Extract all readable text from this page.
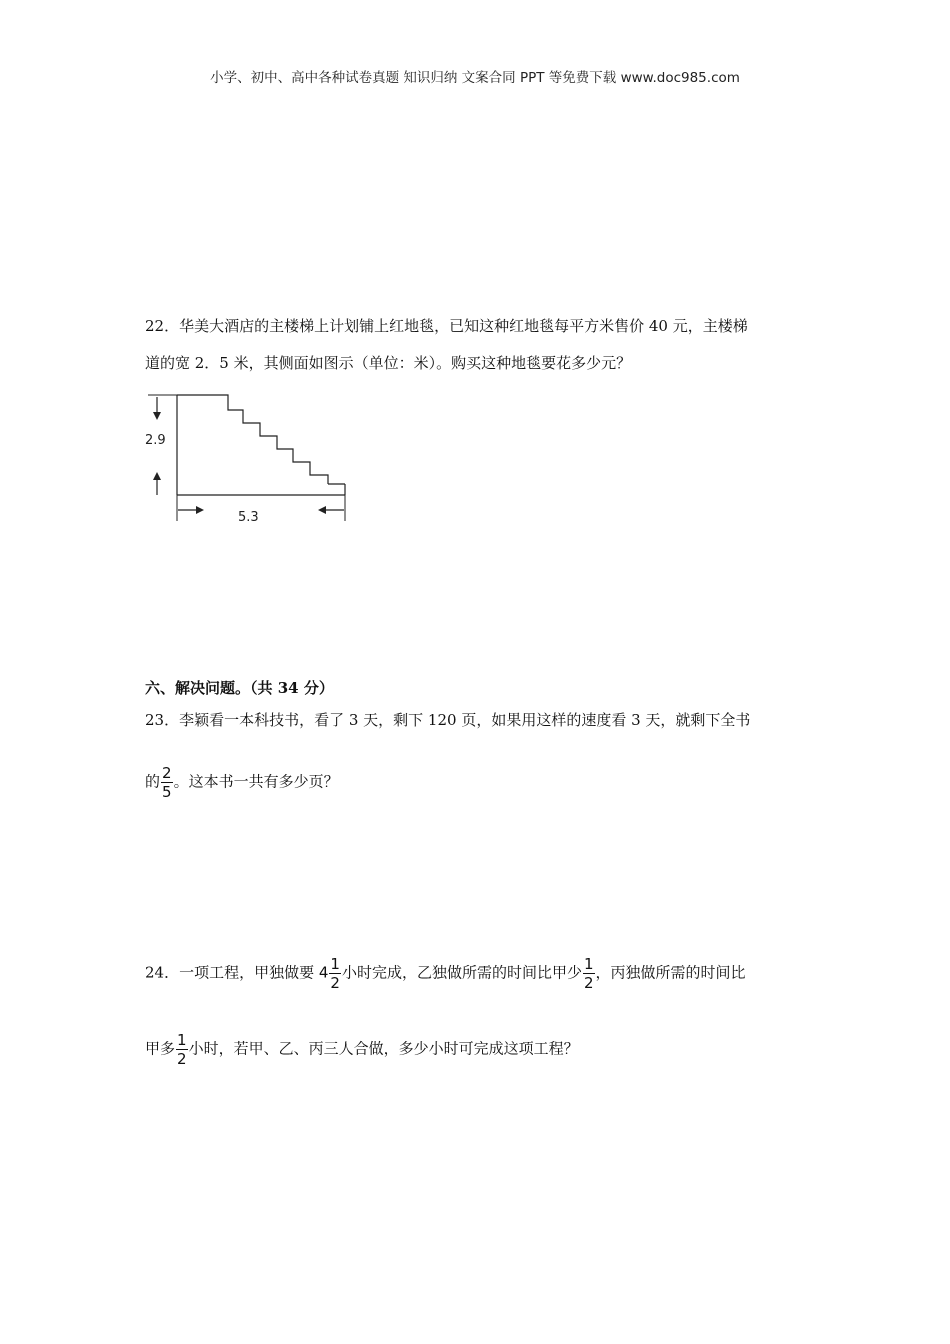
小学、初中、高中各种试卷真题 知识归纳 文案合同 PPT 等免费下载 www.doc985.com
22．华美大酒店的主楼梯上计划铺上红地毯，已知这种红地毯每平方米售价 40 元，主楼梯
道的宽 2．5 米，其侧面如图示（单位：米）。购买这种地毯要花多少元？
2.9
5.3
六、解决问题。（共 34 分）
23．李颖看一本科技书，看了 3 天，剩下 120 页，如果用这样的速度看 3 天，就剩下全书
的 $\frac{2}{5}$ 。这本书一共有多少页？
24．一项工程，甲独做要 $4 \frac{1}{2}$ 小时完成，乙独做所需的时间比甲少 $\frac{1}{2}$ ，丙独做所需的时间比
甲多 $\frac{1}{2}$ 小时，若甲、乙、丙三人合做，多少小时可完成这项工程？
